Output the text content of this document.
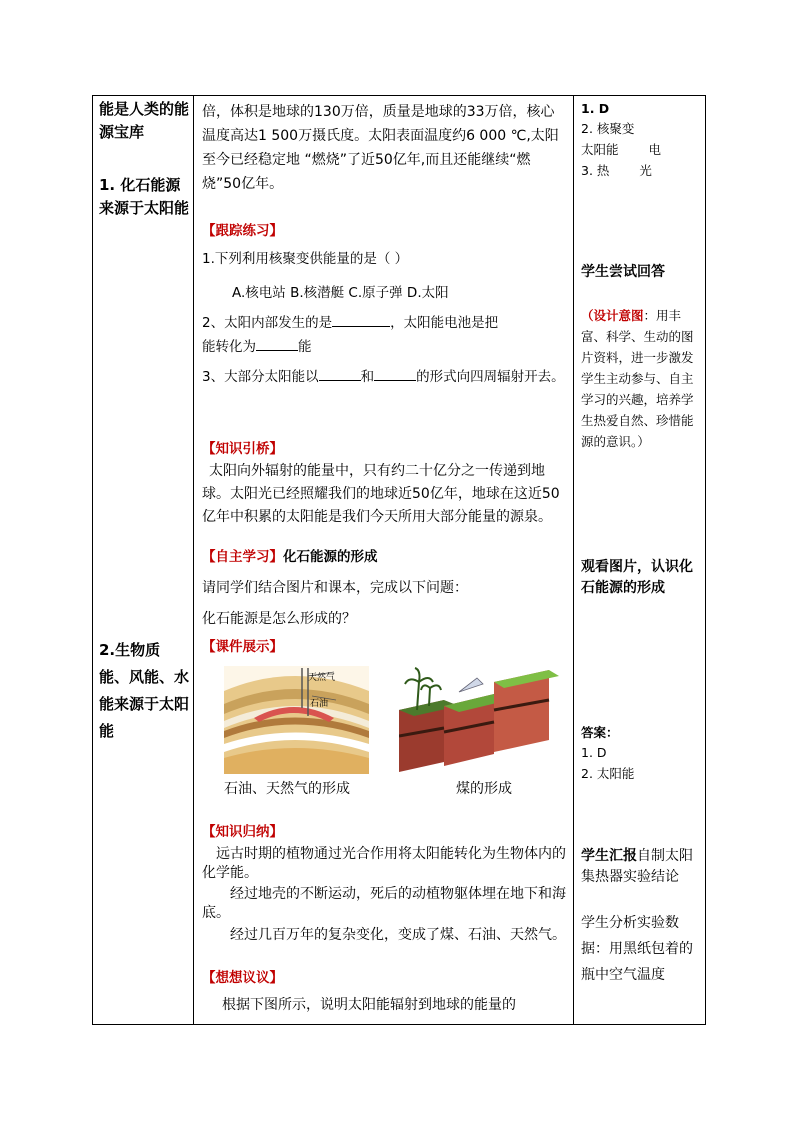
能是人类的能源宝库
1. 化石能源来源于太阳能
2.生物质能、风能、水能来源于太阳能

倍，体积是地球的130万倍，质量是地球的33万倍，核心温度高达1 500万摄氏度。太阳表面温度约6 000 ℃,太阳至今已经稳定地 “燃烧”了近50亿年,而且还能继续“燃烧”50亿年。
【跟踪练习】
1.下列利用核聚变供能量的是（ ）
A.核电站 B.核潜艇 C.原子弹 D.太阳
2、太阳内部发生的是	，太阳能电池是把
能转化为	能
3、大部分太阳能以	和	的形式向四周辐射开去。
【知识引桥】
太阳向外辐射的能量中，只有约二十亿分之一传递到地球。太阳光已经照耀我们的地球近50亿年，地球在这近50亿年中积累的太阳能是我们今天所用大部分能量的源泉。
【自主学习】化石能源的形成
请同学们结合图片和课本，完成以下问题：
化石能源是怎么形成的？
【课件展示】
天然气
石油
石油、天然气的形成	煤的形成
【知识归纳】
远古时期的植物通过光合作用将太阳能转化为生物体内的化学能。
经过地壳的不断运动，死后的动植物躯体埋在地下和海底。
经过几百万年的复杂变化，变成了煤、石油、天然气。
【想想议议】
根据下图所示，说明太阳能辐射到地球的能量的

1. D
2. 核聚变
太阳能 电
3. 热 光
学生尝试回答
（设计意图：用丰富、科学、生动的图片资料，进一步激发学生主动参与、自主学习的兴趣，培养学生热爱自然、珍惜能源的意识。）
观看图片，认识化石能源的形成
答案：
1. D
2. 太阳能
学生汇报自制太阳集热器实验结论
学生分析实验数据：用黑纸包着的瓶中空气温度
